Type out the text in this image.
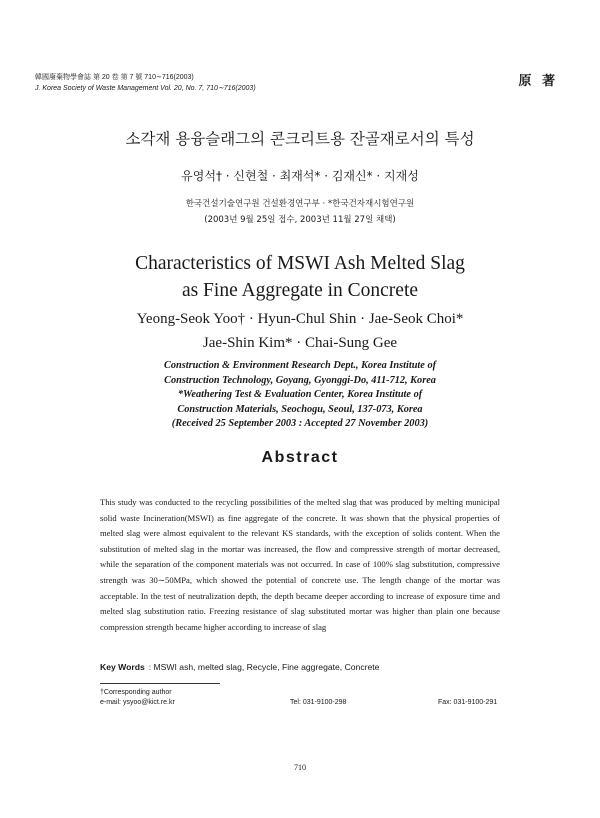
韓國廢棄物學會誌 第 20 卷 第 7 號 710∼716(2003)
J. Korea Society of Waste Management Vol. 20, No. 7, 710∼716(2003)	原 著
소각재 용융슬래그의 콘크리트용 잔골재로서의 특성
유영석† · 신현철 · 최재석* · 김재신* · 지재성
한국건설기술연구원 건설환경연구부 · *한국건자재시험연구원
(2003년 9월 25일 접수, 2003년 11월 27일 채택)
Characteristics of MSWI Ash Melted Slag
as Fine Aggregate in Concrete
Yeong-Seok Yoo† · Hyun-Chul Shin · Jae-Seok Choi*
Jae-Shin Kim* · Chai-Sung Gee
Construction & Environment Research Dept., Korea Institute of
Construction Technology, Goyang, Gyonggi-Do, 411-712, Korea
*Weathering Test & Evaluation Center, Korea Institute of
Construction Materials, Seochogu, Seoul, 137-073, Korea
(Received 25 September 2003 : Accepted 27 November 2003)
Abstract
This study was conducted to the recycling possibilities of the melted slag that was produced by melting municipal solid waste Incineration(MSWI) as fine aggregate of the concrete. It was shown that the physical properties of melted slag were almost equivalent to the relevant KS standards, with the exception of solids content. When the substitution of melted slag in the mortar was increased, the flow and compressive strength of mortar decreased, while the separation of the component materials was not occurred. In case of 100% slag substitution, compressive strength was 30∼50MPa, which showed the potential of concrete use. The length change of the mortar was acceptable. In the test of neutralization depth, the depth became deeper according to increase of exposure time and melted slag substitution ratio. Freezing resistance of slag substituted mortar was higher than plain one because compression strength became higher according to increase of slag
Key Words : MSWI ash, melted slag, Recycle, Fine aggregate, Concrete
†Corresponding author
e-mail: ysyoo@kict.re.kr	Tel: 031-9100-298	Fax: 031-9100-291
710
